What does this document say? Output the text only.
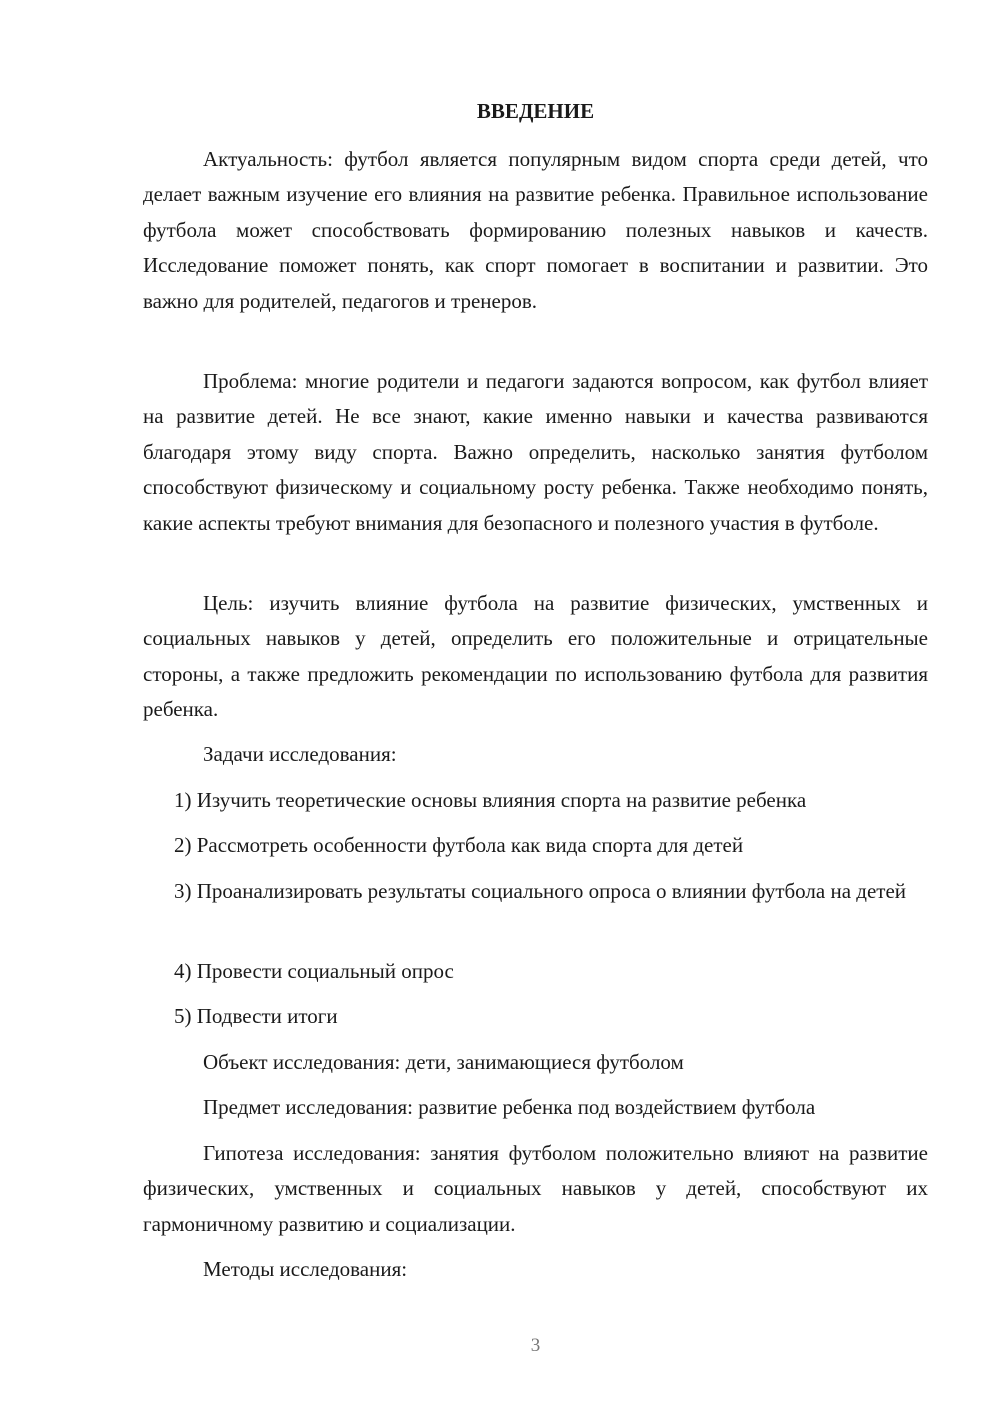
ВВЕДЕНИЕ

Актуальность: футбол является популярным видом спорта среди детей, что делает важным изучение его влияния на развитие ребенка. Правильное использование футбола может способствовать формированию полезных навыков и качеств. Исследование поможет понять, как спорт помогает в воспитании и развитии. Это важно для родителей, педагогов и тренеров.

Проблема: многие родители и педагоги задаются вопросом, как футбол влияет на развитие детей. Не все знают, какие именно навыки и качества развиваются благодаря этому виду спорта. Важно определить, насколько занятия футболом способствуют физическому и социальному росту ребенка. Также необходимо понять, какие аспекты требуют внимания для безопасного и полезного участия в футболе.

Цель: изучить влияние футбола на развитие физических, умственных и социальных навыков у детей, определить его положительные и отрицательные стороны, а также предложить рекомендации по использованию футбола для развития ребенка.

Задачи исследования:

1) Изучить теоретические основы влияния спорта на развитие ребенка

2) Рассмотреть особенности футбола как вида спорта для детей

3) Проанализировать результаты социального опроса о влиянии футбола на детей

4) Провести социальный опрос

5) Подвести итоги

Объект исследования: дети, занимающиеся футболом

Предмет исследования: развитие ребенка под воздействием футбола

Гипотеза исследования: занятия футболом положительно влияют на развитие физических, умственных и социальных навыков у детей, способствуют их гармоничному развитию и социализации.

Методы исследования:

3
